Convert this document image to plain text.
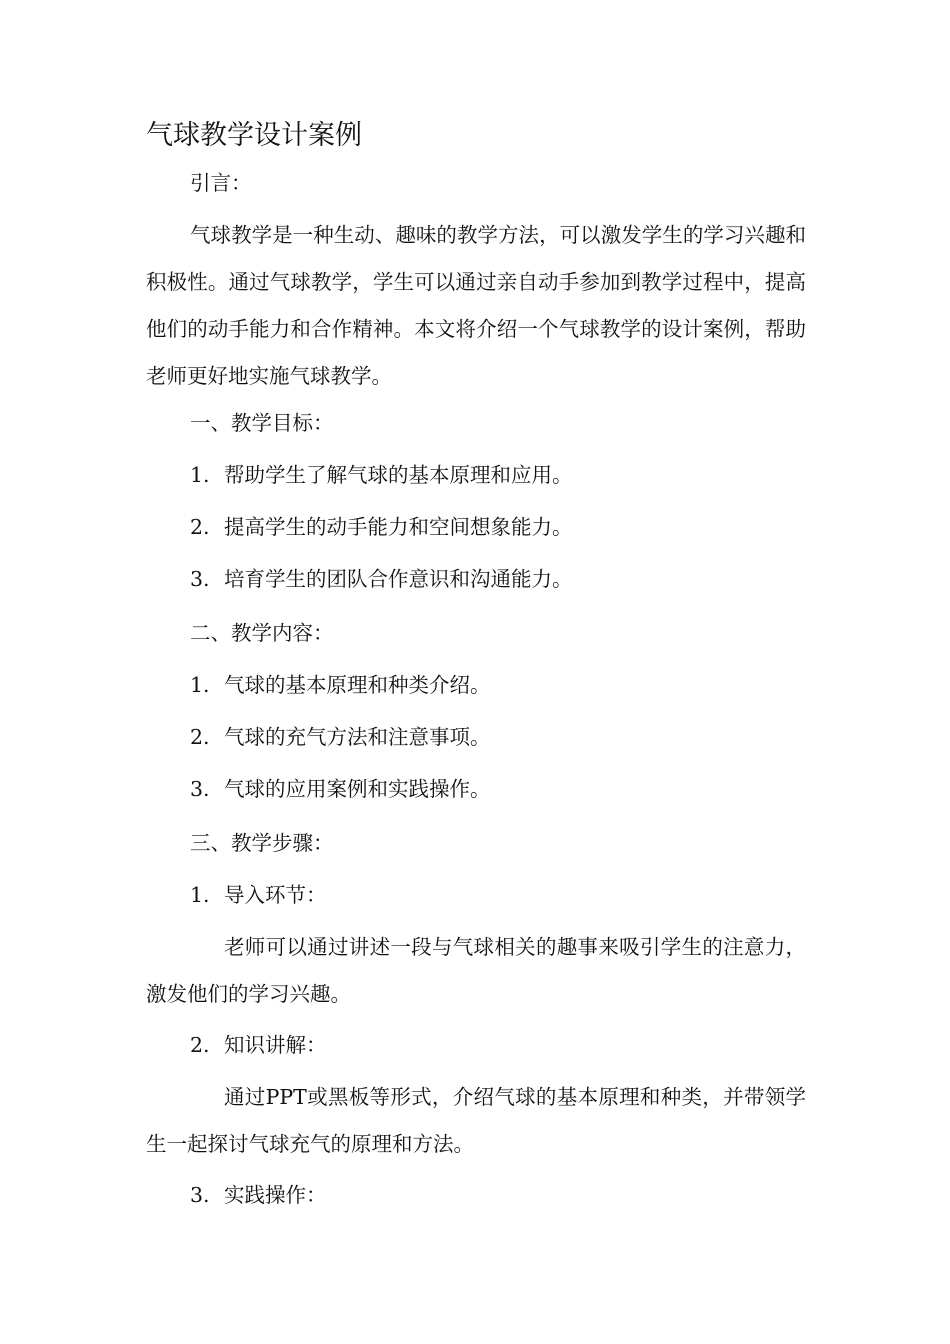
气球教学设计案例

引言：

气球教学是一种生动、趣味的教学方法，可以激发学生的学习兴趣和积极性。通过气球教学，学生可以通过亲自动手参加到教学过程中，提高他们的动手能力和合作精神。本文将介绍一个气球教学的设计案例，帮助老师更好地实施气球教学。

一、教学目标：

1. 帮助学生了解气球的基本原理和应用。

2. 提高学生的动手能力和空间想象能力。

3. 培育学生的团队合作意识和沟通能力。

二、教学内容：

1. 气球的基本原理和种类介绍。

2. 气球的充气方法和注意事项。

3. 气球的应用案例和实践操作。

三、教学步骤：

1. 导入环节：

老师可以通过讲述一段与气球相关的趣事来吸引学生的注意力，激发他们的学习兴趣。

2. 知识讲解：

通过PPT或黑板等形式，介绍气球的基本原理和种类，并带领学生一起探讨气球充气的原理和方法。

3. 实践操作：
